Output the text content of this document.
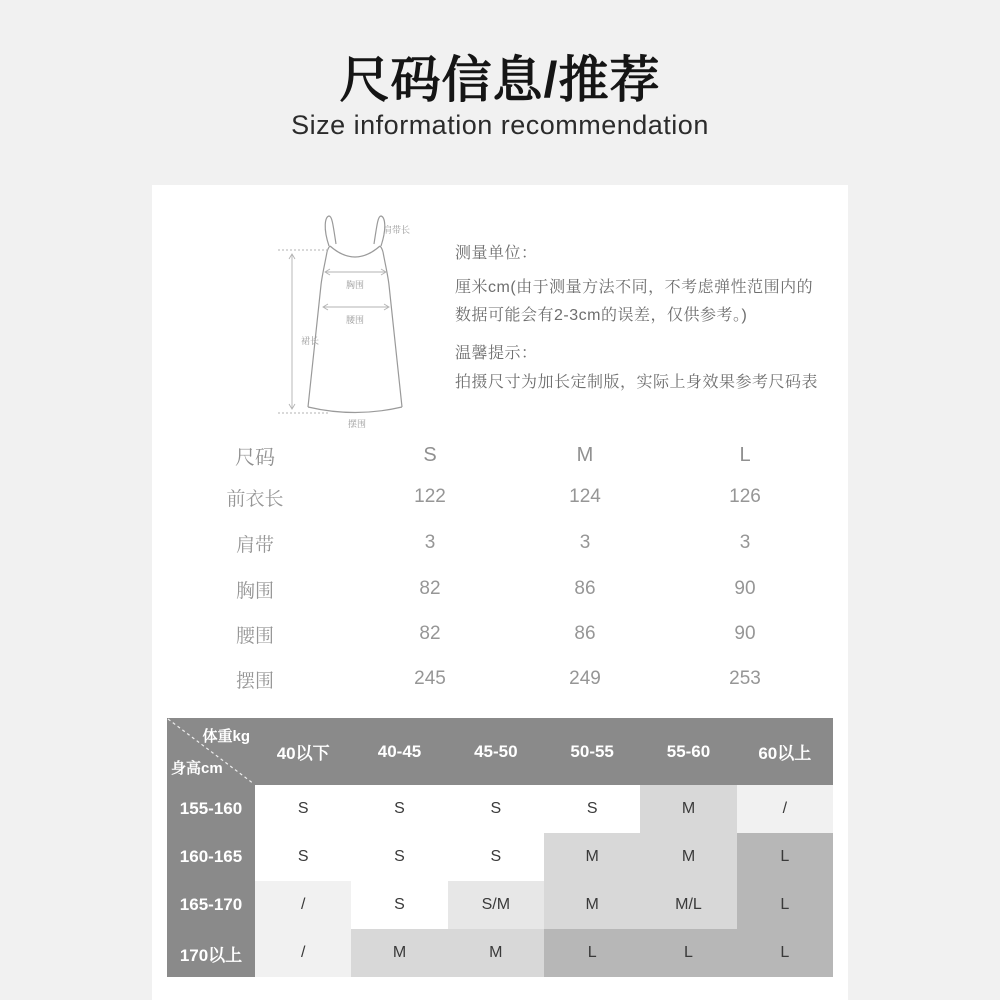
尺码信息/推荐
Size information recommendation
肩带长
胸围
腰围
裙长
摆围
测量单位：
厘米cm(由于测量方法不同，不考虑弹性范围内的
数据可能会有2-3cm的误差，仅供参考。)
温馨提示：
拍摄尺寸为加长定制版，实际上身效果参考尺码表
尺码	S	M	L
前衣长	122	124	126
肩带	3	3	3
胸围	82	86	90
腰围	82	86	90
摆围	245	249	253
体重kg
身高cm
40以下	40-45	45-50	50-55	55-60	60以上
155-160	S	S	S	S	M	/
160-165	S	S	S	M	M	L
165-170	/	S	S/M	M	M/L	L
170以上	/	M	M	L	L	L
